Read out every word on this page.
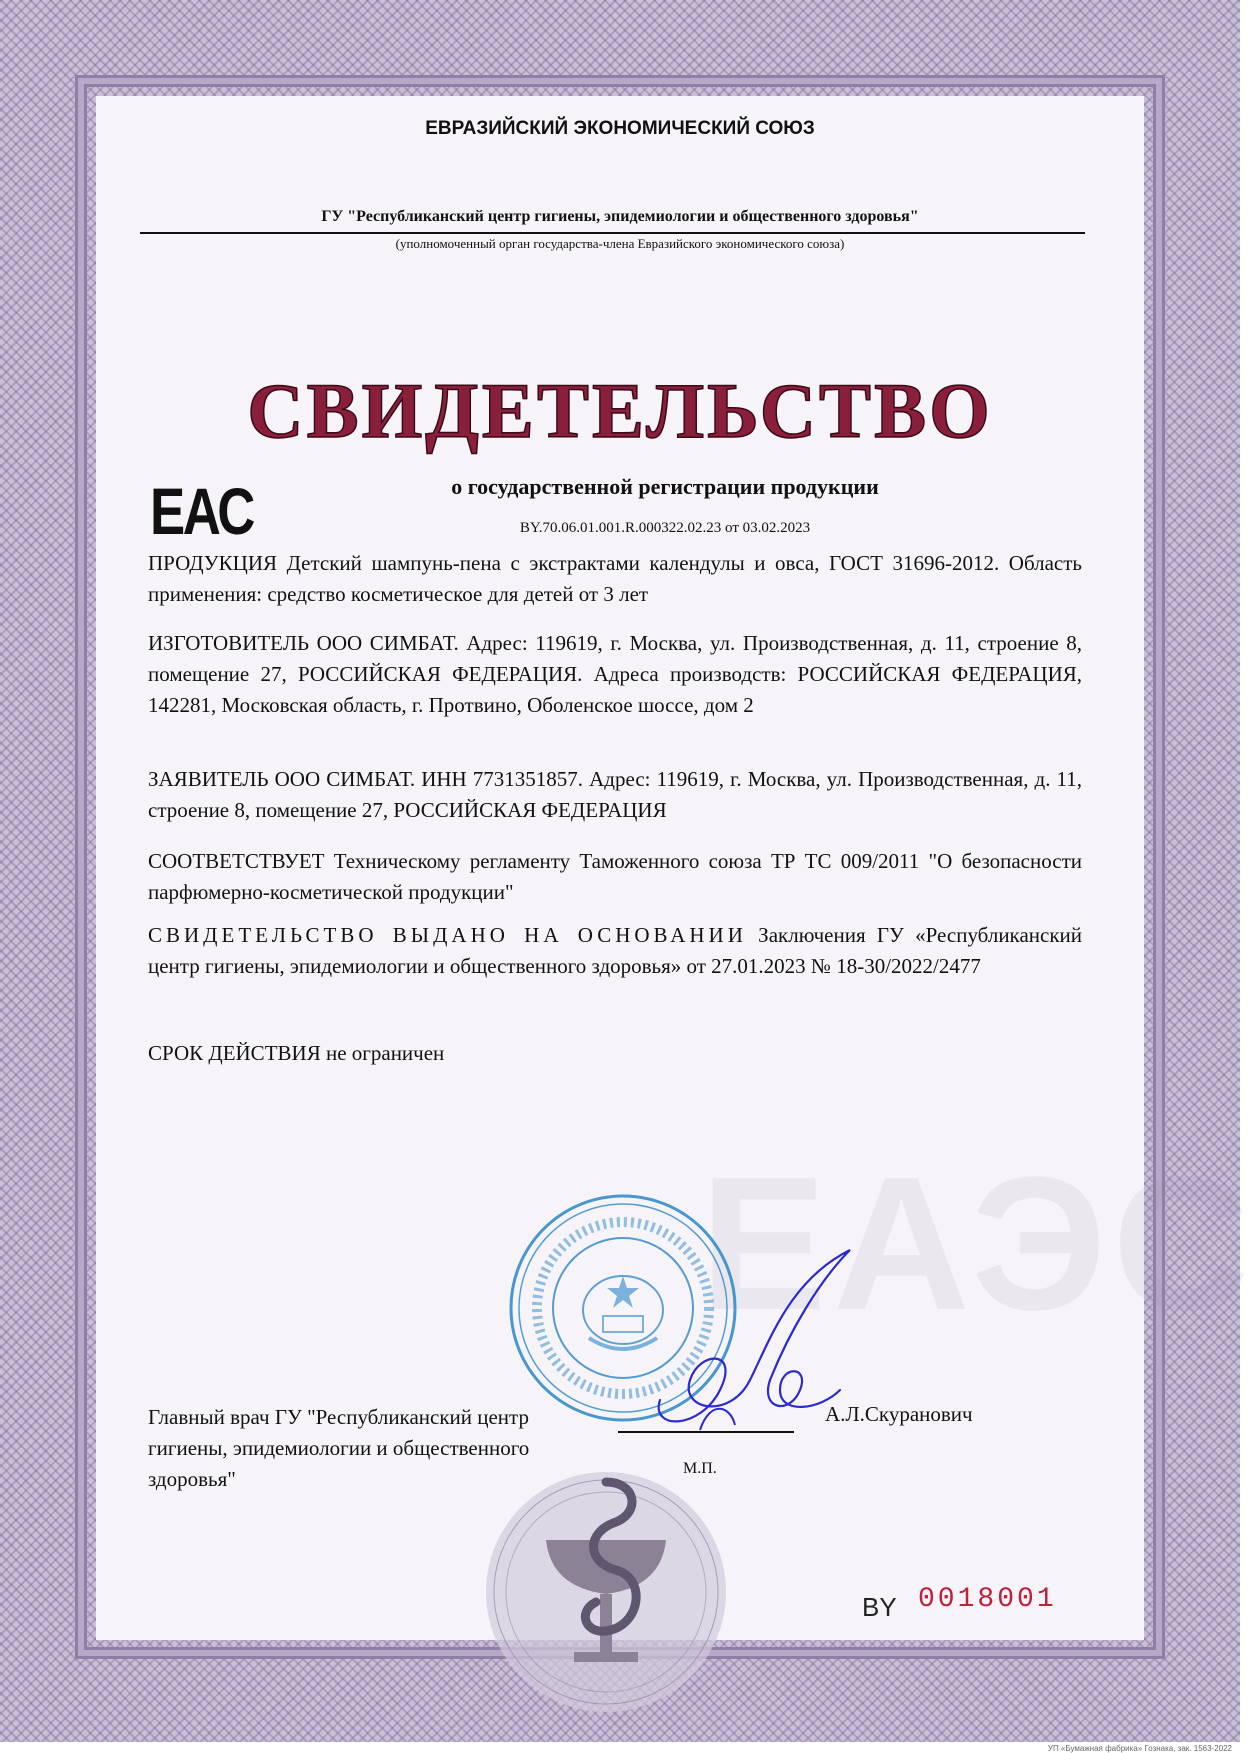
ЕВРАЗИЙСКИЙ ЭКОНОМИЧЕСКИЙ СОЮЗ
ГУ "Республиканский центр гигиены, эпидемиологии и общественного здоровья"
(уполномоченный орган государства-члена Евразийского экономического союза)
СВИДЕТЕЛЬСТВО
ЕАС	о государственной регистрации продукции
BY.70.06.01.001.R.000322.02.23 от 03.02.2023
ПРОДУКЦИЯ Детский шампунь-пена с экстрактами календулы и овса, ГОСТ 31696-2012. Область применения: средство косметическое для детей от 3 лет
ИЗГОТОВИТЕЛЬ ООО СИМБАТ. Адрес: 119619, г. Москва, ул. Производственная, д. 11, строение 8, помещение 27, РОССИЙСКАЯ ФЕДЕРАЦИЯ. Адреса производств: РОССИЙСКАЯ ФЕДЕРАЦИЯ, 142281, Московская область, г. Протвино, Оболенское шоссе, дом 2
ЗАЯВИТЕЛЬ ООО СИМБАТ. ИНН 7731351857. Адрес: 119619, г. Москва, ул. Производственная, д. 11, строение 8, помещение 27, РОССИЙСКАЯ ФЕДЕРАЦИЯ
СООТВЕТСТВУЕТ Техническому регламенту Таможенного союза ТР ТС 009/2011 "О безопасности парфюмерно-косметической продукции"
СВИДЕТЕЛЬСТВО ВЫДАНО НА ОСНОВАНИИ Заключения ГУ «Республиканский центр гигиены, эпидемиологии и общественного здоровья» от 27.01.2023 № 18-30/2022/2477
СРОК ДЕЙСТВИЯ не ограничен
ЕАЭС
Главный врач ГУ "Республиканский центр гигиены, эпидемиологии и общественного здоровья"
А.Л.Скуранович
М.П.
BY 0018001
УП «Бумажная фабрика» Гознака, зак. 1563-2022
